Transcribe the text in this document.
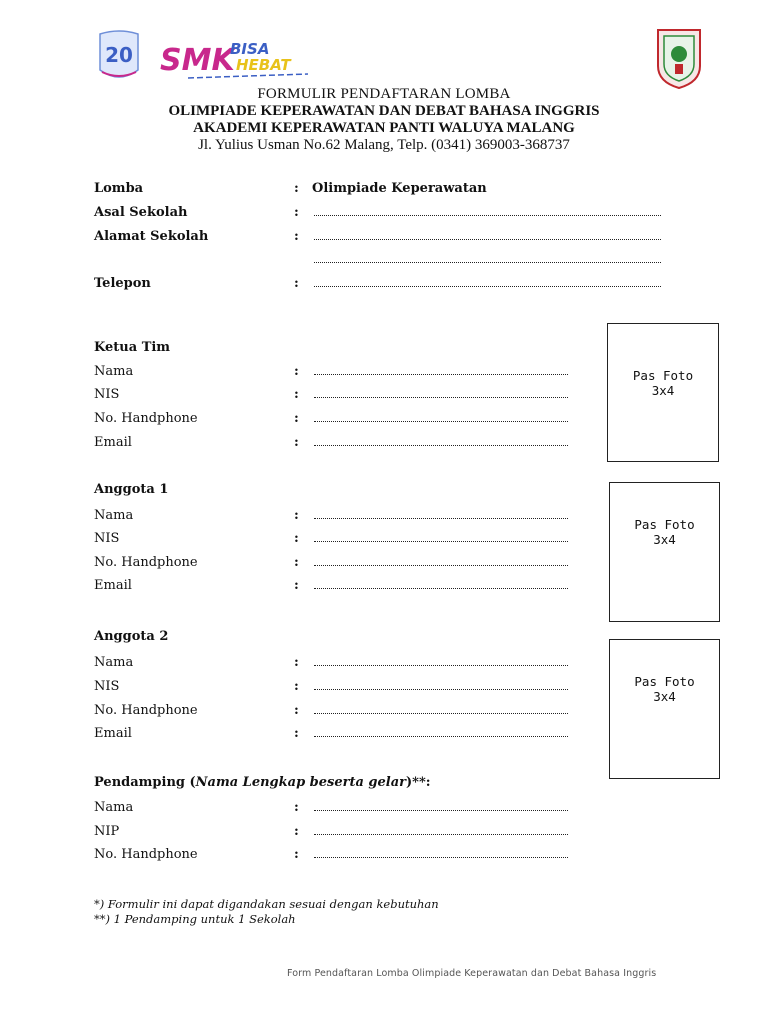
20 SMK
BISA
HEBAT
FORMULIR PENDAFTARAN LOMBA
OLIMPIADE KEPERAWATAN DAN DEBAT BAHASA INGGRIS
AKADEMI KEPERAWATAN PANTI WALUYA MALANG
Jl. Yulius Usman No.62 Malang, Telp. (0341) 369003-368737
Lomba	: Olimpiade Keperawatan
Asal Sekolah	:
Alamat Sekolah	:
Telepon	:
Ketua Tim
Nama	:
NIS	:
No. Handphone	:
Email	:
Pas Foto
3x4
Anggota 1
Nama	:
NIS	:
No. Handphone	:
Email	:
Pas Foto
3x4
Anggota 2
Nama	:
NIS	:
No. Handphone	:
Email	:
Pas Foto
3x4
Pendamping (Nama Lengkap beserta gelar)**:
Nama	:
NIP	:
No. Handphone	:
*) Formulir ini dapat digandakan sesuai dengan kebutuhan
**) 1 Pendamping untuk 1 Sekolah
Form Pendaftaran Lomba Olimpiade Keperawatan dan Debat Bahasa Inggris
